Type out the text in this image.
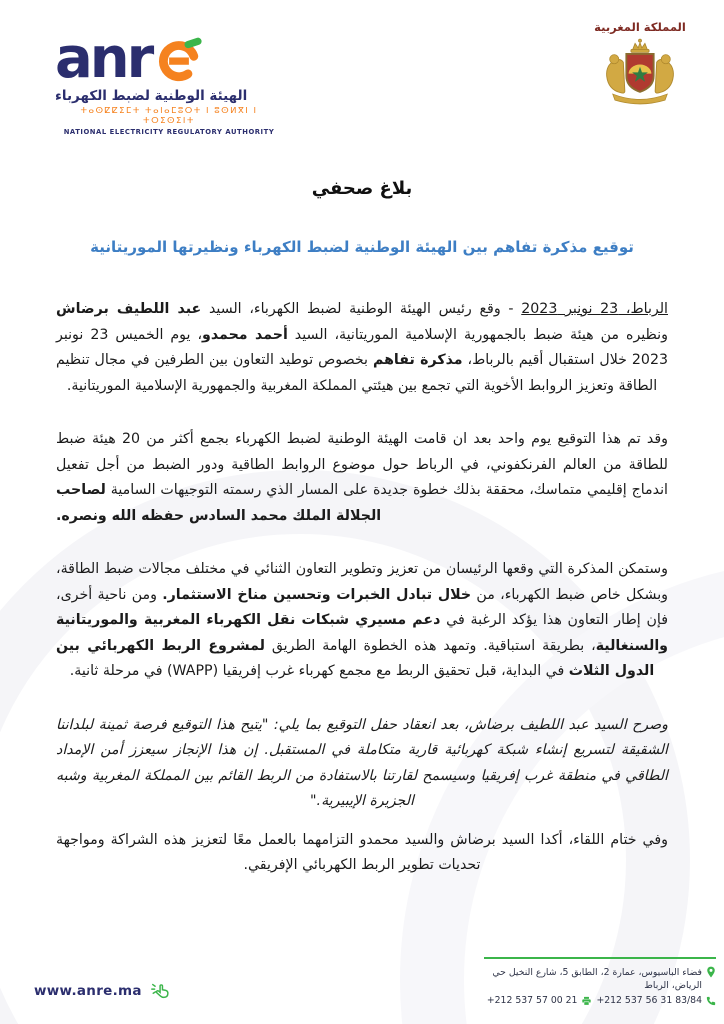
anr
الهيئة الوطنية لضبط الكهرباء
ⵜⴰⵙⵇⵇⵉⵎⵜ ⵜⴰⵏⴰⵎⵓⵔⵜ ⵏ ⵓⵙⵍⴳⵏ ⵏ ⵜⵔⵉⵙⵉⵏⵜ
NATIONAL ELECTRICITY REGULATORY AUTHORITY
المملكة المغربية
بلاغ صحفي
توقيع مذكرة تفاهم بين الهيئة الوطنية لضبط الكهرباء ونظيرتها الموريتانية

الرباط، 23 نونبر 2023 - وقع رئيس الهيئة الوطنية لضبط الكهرباء، السيد عبد اللطيف برضاش ونظيره من هيئة ضبط بالجمهورية الإسلامية الموريتانية، السيد أحمد محمدو، يوم الخميس 23 نونبر 2023 خلال استقبال أقيم بالرباط، مذكرة تفاهم بخصوص توطيد التعاون بين الطرفين في مجال تنظيم الطاقة وتعزيز الروابط الأخوية التي تجمع بين هيئتي المملكة المغربية والجمهورية الإسلامية الموريتانية.

وقد تم هذا التوقيع يوم واحد بعد ان قامت الهيئة الوطنية لضبط الكهرباء بجمع أكثر من 20 هيئة ضبط للطاقة من العالم الفرنكفوني، في الرباط حول موضوع الروابط الطاقية ودور الضبط من أجل تفعيل اندماج إقليمي متماسك، محققة بذلك خطوة جديدة على المسار الذي رسمته التوجيهات السامية لصاحب الجلالة الملك محمد السادس حفظه الله ونصره.

وستمكن المذكرة التي وقعها الرئيسان من تعزيز وتطوير التعاون الثنائي في مختلف مجالات ضبط الطاقة، وبشكل خاص ضبط الكهرباء، من خلال تبادل الخبرات وتحسين مناخ الاستثمار. ومن ناحية أخرى، فإن إطار التعاون هذا يؤكد الرغبة في دعم مسيري شبكات نقل الكهرباء المغربية والموريتانية والسنغالية، بطريقة استباقية. وتمهد هذه الخطوة الهامة الطريق لمشروع الربط الكهربائي بين الدول الثلاث في البداية، قبل تحقيق الربط مع مجمع كهرباء غرب إفريقيا (WAPP) في مرحلة ثانية.

وصرح السيد عبد اللطيف برضاش، بعد انعقاد حفل التوقيع بما يلي: "يتيح هذا التوقيع فرصة ثمينة لبلداننا الشقيقة لتسريع إنشاء شبكة كهربائية قارية متكاملة في المستقبل. إن هذا الإنجاز سيعزز أمن الإمداد الطاقي في منطقة غرب إفريقيا وسيسمح لقارتنا بالاستفادة من الربط القائم بين المملكة المغربية وشبه الجزيرة الإيبيرية."

وفي ختام اللقاء، أكدا السيد برضاش والسيد محمدو التزامهما بالعمل معًا لتعزيز هذه الشراكة ومواجهة تحديات تطوير الربط الكهربائي الإفريقي.

فضاء الباسيوس، عمارة 2، الطابق 5، شارع النخيل حي الرياض، الرباط
+212 537 56 31 83/84
+212 537 57 00 21
www.anre.ma
